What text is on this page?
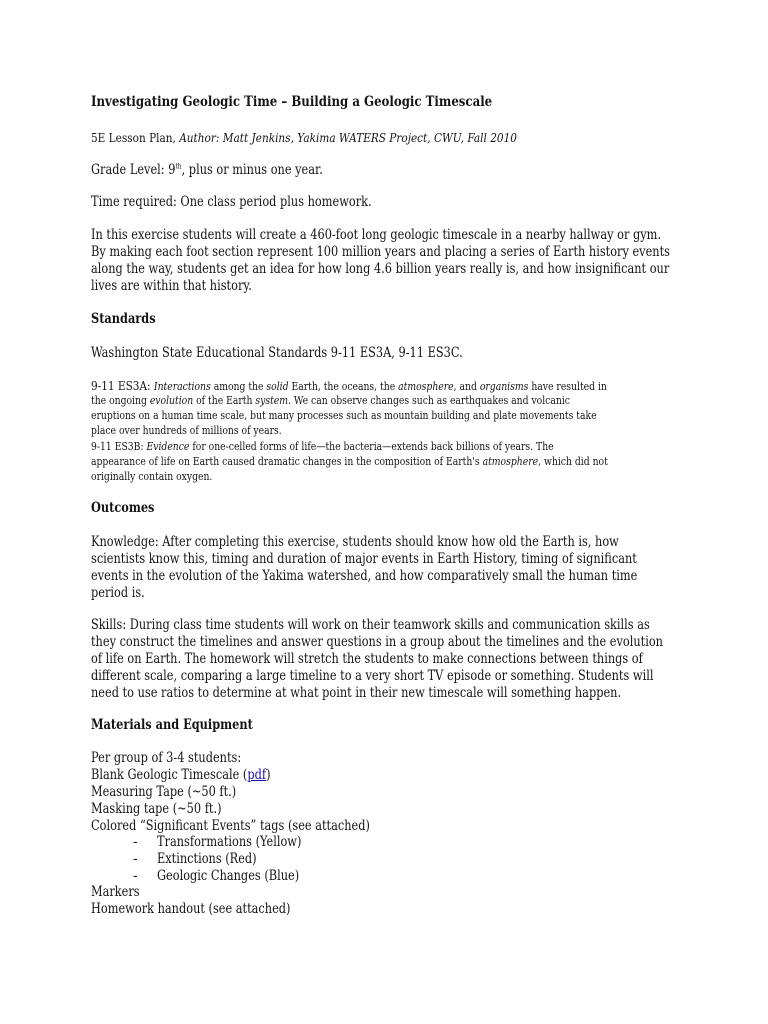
Investigating Geologic Time – Building a Geologic Timescale
5E Lesson Plan, Author: Matt Jenkins, Yakima WATERS Project, CWU, Fall 2010
Grade Level: 9th, plus or minus one year.
Time required: One class period plus homework.
In this exercise students will create a 460-foot long geologic timescale in a nearby hallway or gym.
By making each foot section represent 100 million years and placing a series of Earth history events
along the way, students get an idea for how long 4.6 billion years really is, and how insignificant our
lives are within that history.
Standards
Washington State Educational Standards 9-11 ES3A, 9-11 ES3C.
9-11 ES3A: Interactions among the solid Earth, the oceans, the atmosphere, and organisms have resulted in
the ongoing evolution of the Earth system. We can observe changes such as earthquakes and volcanic
eruptions on a human time scale, but many processes such as mountain building and plate movements take
place over hundreds of millions of years.
9-11 ES3B: Evidence for one-celled forms of life—the bacteria—extends back billions of years. The
appearance of life on Earth caused dramatic changes in the composition of Earth's atmosphere, which did not
originally contain oxygen.
Outcomes
Knowledge: After completing this exercise, students should know how old the Earth is, how
scientists know this, timing and duration of major events in Earth History, timing of significant
events in the evolution of the Yakima watershed, and how comparatively small the human time
period is.
Skills: During class time students will work on their teamwork skills and communication skills as
they construct the timelines and answer questions in a group about the timelines and the evolution
of life on Earth. The homework will stretch the students to make connections between things of
different scale, comparing a large timeline to a very short TV episode or something. Students will
need to use ratios to determine at what point in their new timescale will something happen.
Materials and Equipment
Per group of 3-4 students:
Blank Geologic Timescale (pdf)
Measuring Tape (~50 ft.)
Masking tape (~50 ft.)
Colored “Significant Events” tags (see attached)
- Transformations (Yellow)
- Extinctions (Red)
- Geologic Changes (Blue)
Markers
Homework handout (see attached)
